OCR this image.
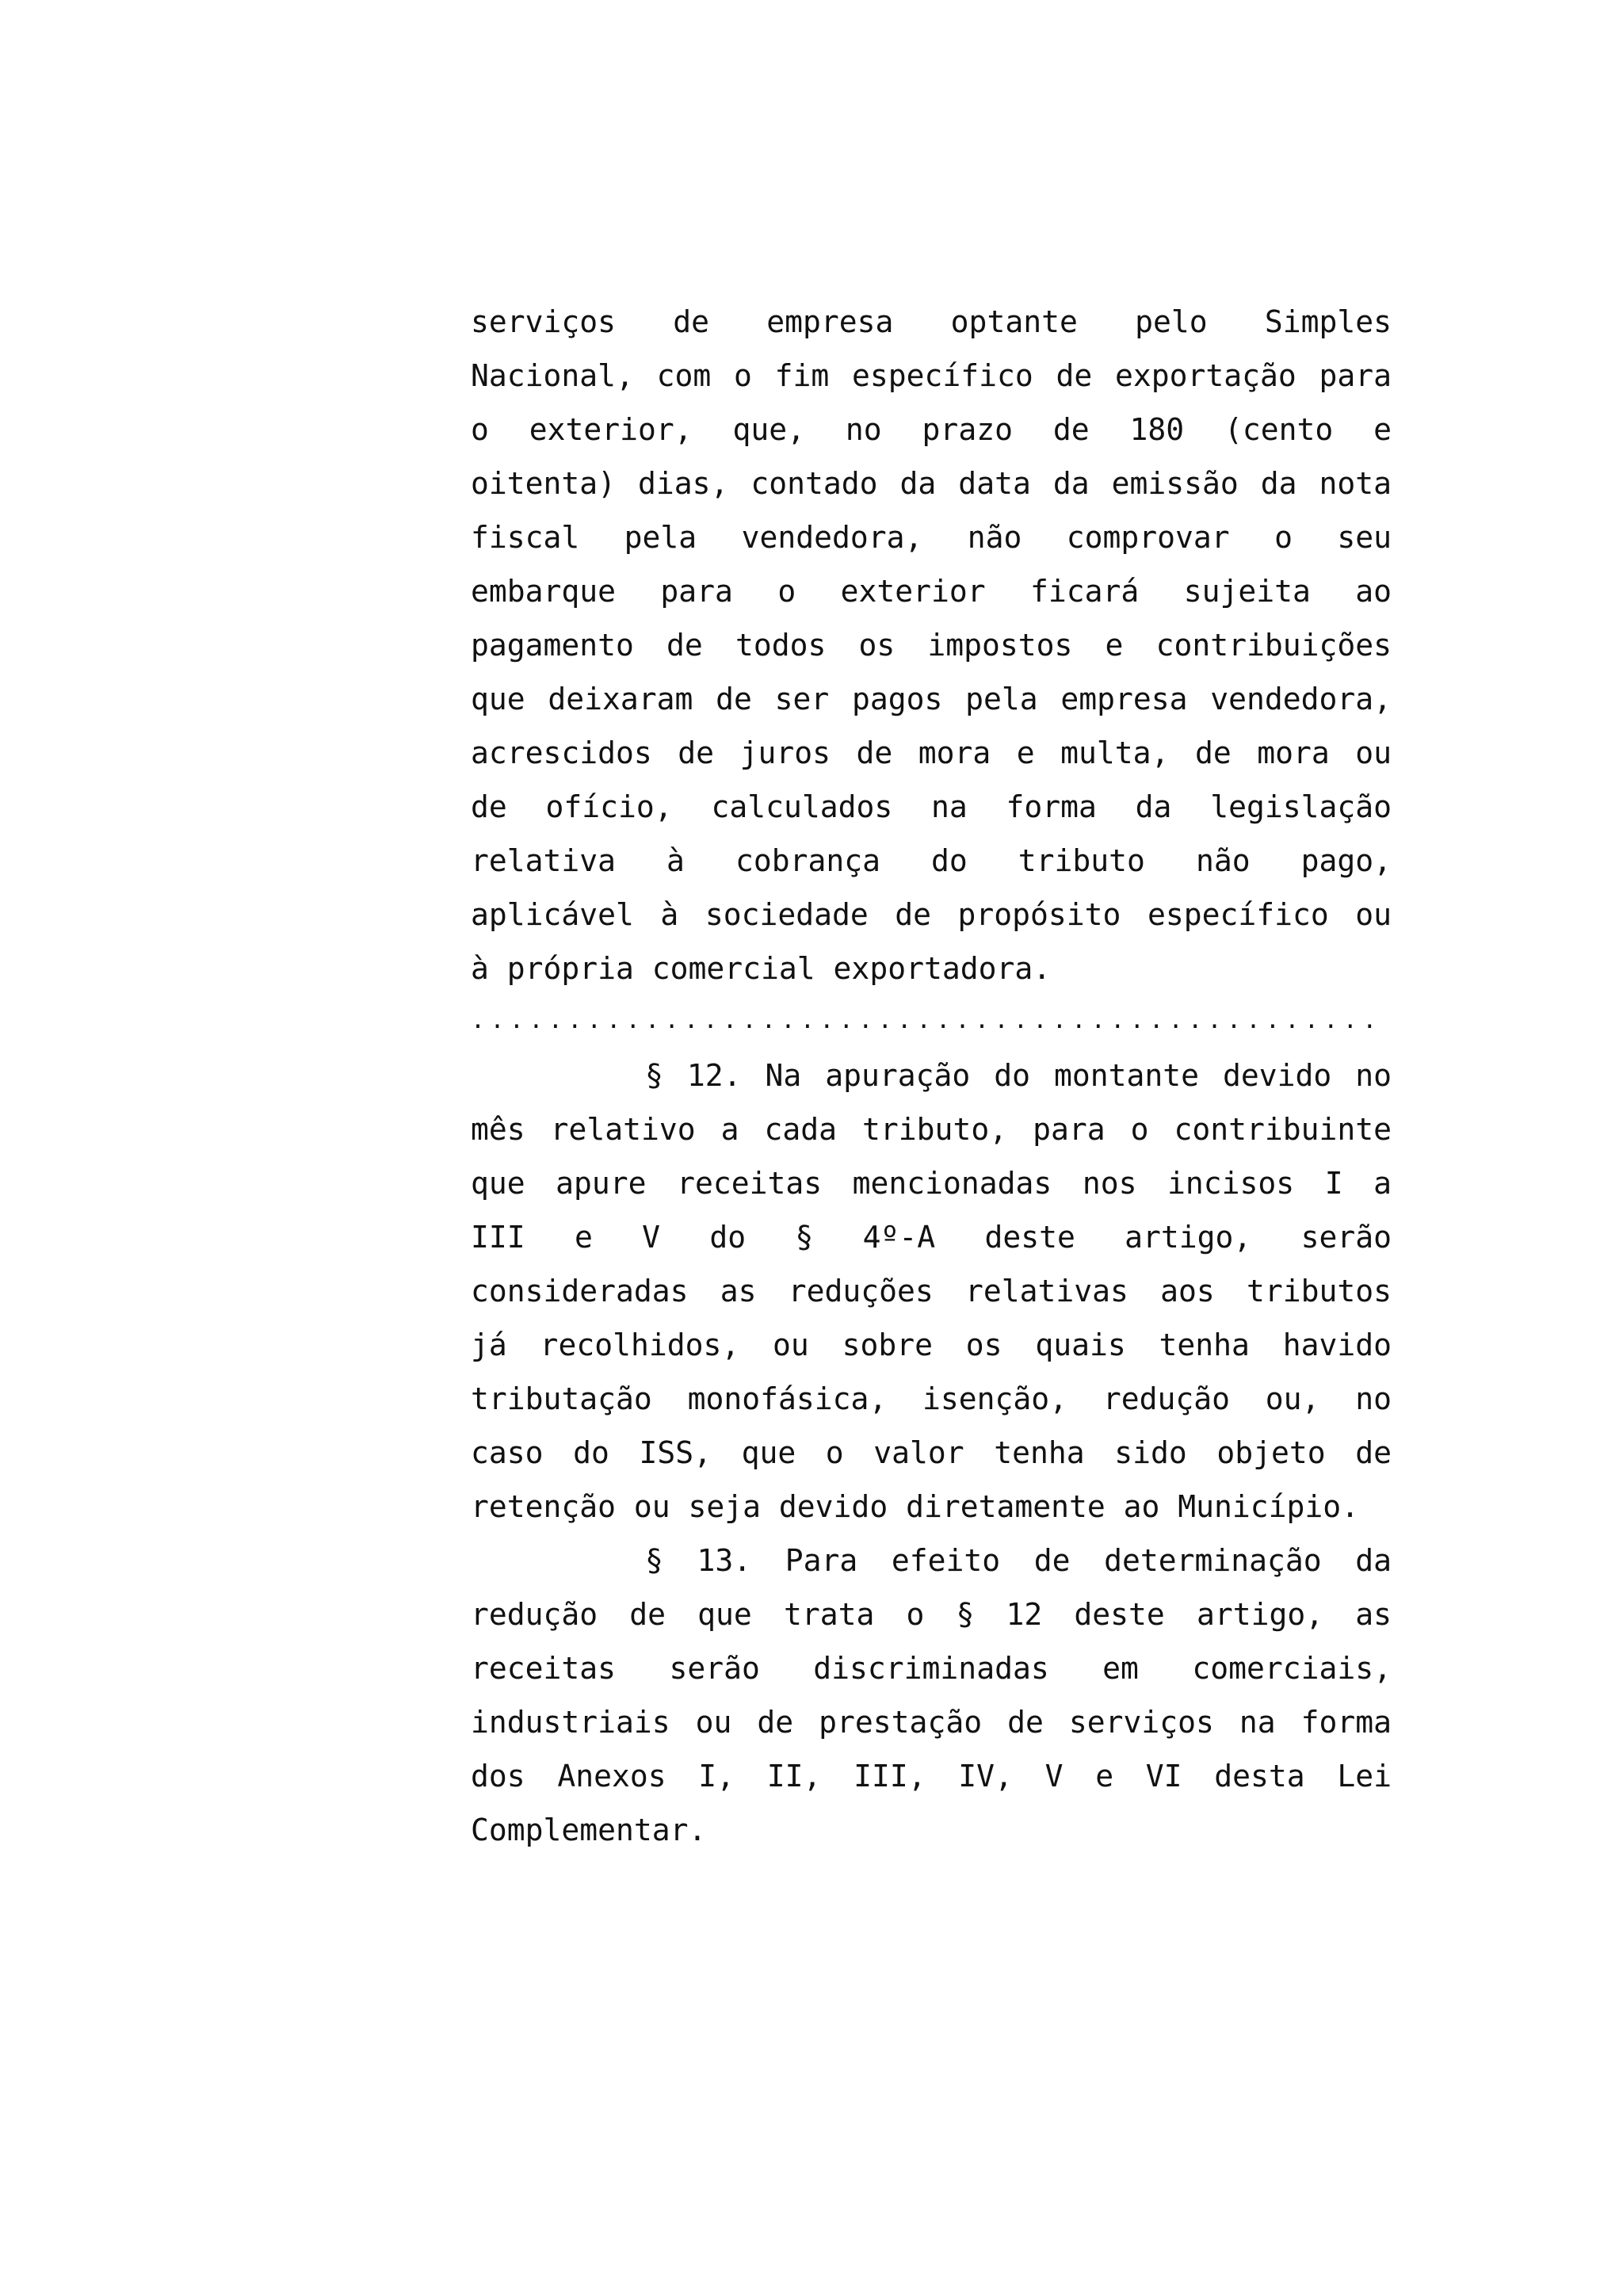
serviços de empresa optante pelo Simples
Nacional, com o fim específico de exportação para
o exterior, que, no prazo de 180 (cento e
oitenta) dias, contado da data da emissão da nota
fiscal pela vendedora, não comprovar o seu
embarque para o exterior ficará sujeita ao
pagamento de todos os impostos e contribuições
que deixaram de ser pagos pela empresa vendedora,
acrescidos de juros de mora e multa, de mora ou
de ofício, calculados na forma da legislação
relativa à cobrança do tributo não pago,
aplicável à sociedade de propósito específico ou
à própria comercial exportadora.
...............................................
§ 12. Na apuração do montante devido no
mês relativo a cada tributo, para o contribuinte
que apure receitas mencionadas nos incisos I a
III e V do § 4º-A deste artigo, serão
consideradas as reduções relativas aos tributos
já recolhidos, ou sobre os quais tenha havido
tributação monofásica, isenção, redução ou, no
caso do ISS, que o valor tenha sido objeto de
retenção ou seja devido diretamente ao Município.
§ 13. Para efeito de determinação da
redução de que trata o § 12 deste artigo, as
receitas serão discriminadas em comerciais,
industriais ou de prestação de serviços na forma
dos Anexos I, II, III, IV, V e VI desta Lei
Complementar.
